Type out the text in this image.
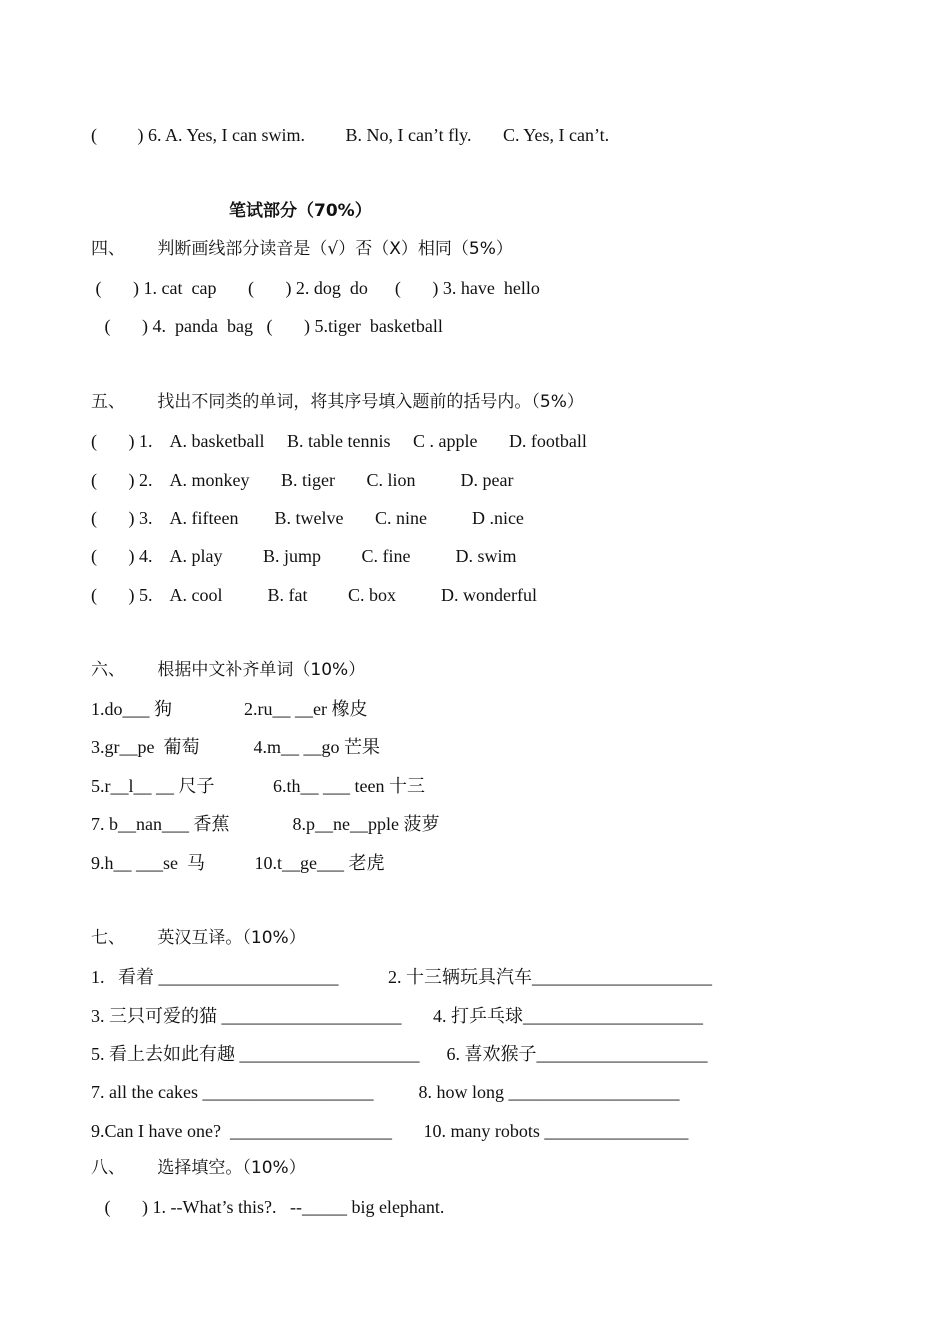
(         ) 6. A. Yes, I can swim.         B. No, I can’t fly.       C. Yes, I can’t.
笔试部分（70%）
四、      判断画线部分读音是（√）否（X）相同（5%）
(       ) 1. cat  cap       (       ) 2. dog  do      (       ) 3. have  hello
(       ) 4.  panda  bag   (       ) 5.tiger  basketball
五、      找出不同类的单词，将其序号填入题前的括号内。（5%）
(       ) 1.    A. basketball     B. table tennis     C . apple       D. football
(       ) 2.    A. monkey       B. tiger       C. lion          D. pear
(       ) 3.    A. fifteen        B. twelve       C. nine          D .nice
(       ) 4.    A. play         B. jump         C. fine          D. swim
(       ) 5.    A. cool          B. fat         C. box          D. wonderful
六、      根据中文补齐单词（10%）
1.do___ 狗                2.ru__ __er 橡皮
3.gr__pe  葡萄            4.m__ __go 芒果
5.r__l__ __ 尺子             6.th__ ___ teen 十三
7. b__nan___ 香蕉              8.p__ne__pple 菠萝
9.h__ ___se  马           10.t__ge___ 老虎
七、      英汉互译。（10%）
1.   看着 ____________________           2. 十三辆玩具汽车____________________
3. 三只可爱的猫 ____________________       4. 打乒乓球____________________
5. 看上去如此有趣 ____________________      6. 喜欢猴子___________________
7. all the cakes ___________________          8. how long ___________________
9.Can I have one?  __________________       10. many robots ________________
八、      选择填空。（10%）
(       ) 1. --What’s this?.   --_____ big elephant.
